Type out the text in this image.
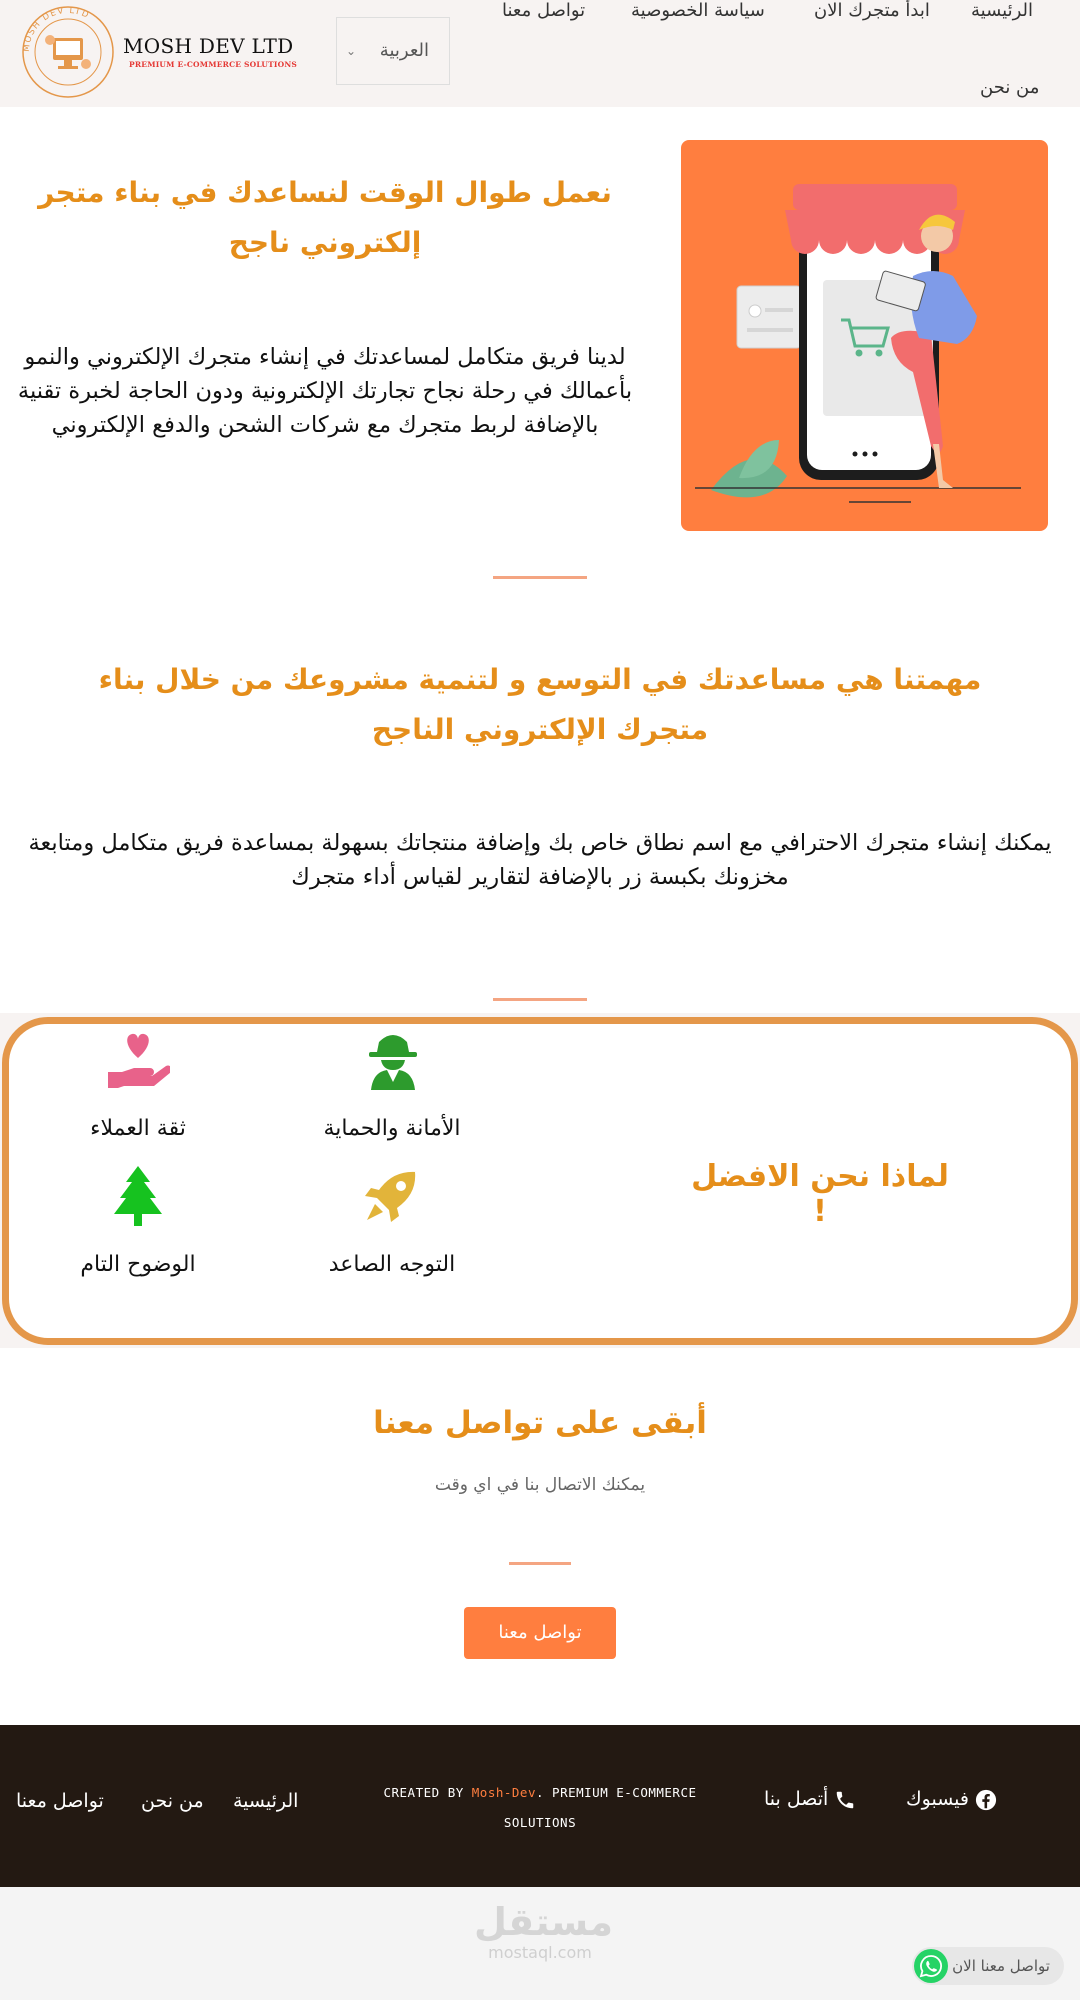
MOSH DEV LTD
MOSH DEV LTD
PREMIUM E-COMMERCE SOLUTIONS
⌄ العربية
تواصل معنا	سياسة الخصوصية	ابدأ متجرك الان الرئيسية
من نحن
نعمل طوال الوقت لنساعدك في بناء متجر إلكتروني ناجح
لدينا فريق متكامل لمساعدتك في إنشاء متجرك الإلكتروني والنمو بأعمالك في رحلة نجاح تجارتك الإلكترونية ودون الحاجة لخبرة تقنية بالإضافة لربط متجرك مع شركات الشحن والدفع الإلكتروني
مهمتنا هي مساعدتك في التوسع و لتنمية مشروعك من خلال بناء متجرك الإلكتروني الناجح
يمكنك إنشاء متجرك الاحترافي مع اسم نطاق خاص بك وإضافة منتجاتك بسهولة بمساعدة فريق متكامل ومتابعة مخزونك بكبسة زر بالإضافة لتقارير لقياس أداء متجرك
لماذا نحن الافضل !
ثقة العملاء	الأمانة والحماية
الوضوح التام	التوجه الصاعد
أبقى على تواصل معنا
يمكنك الاتصال بنا في اي وقت
تواصل معنا
تواصل معنا من نحن الرئيسية	CREATED BY Mosh-Dev. PREMIUM E-COMMERCE SOLUTIONS
أتصل بنا	فيسبوك
مستقل
mostaql.com
تواصل معنا الان
